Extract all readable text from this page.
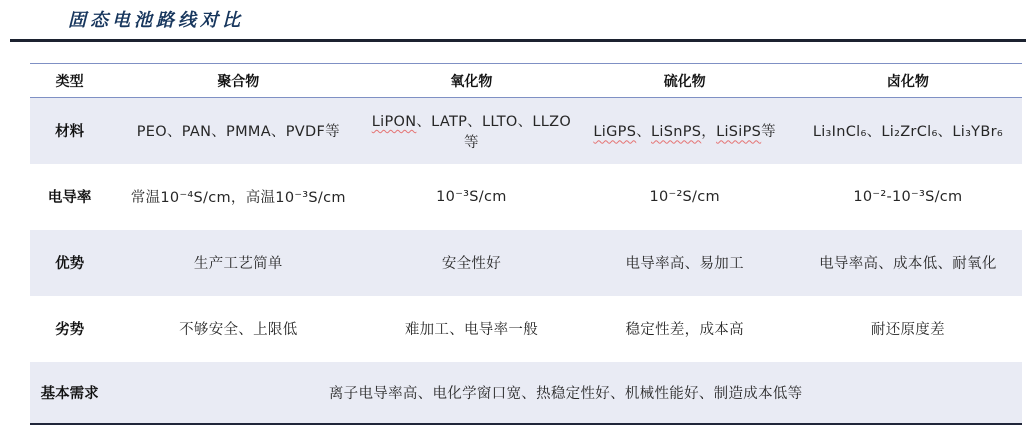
固态电池路线对比
类型	聚合物	氧化物	硫化物	卤化物
材料	PEO、PAN、PMMA、PVDF等	LiPON、LATP、LLTO、LLZO等	LiGPS、LiSnPS，LiSiPS等	Li₃InCl₆、Li₂ZrCl₆、Li₃YBr₆
电导率	常温10⁻⁴S/cm，高温10⁻³S/cm	10⁻³S/cm	10⁻²S/cm	10⁻²-10⁻³S/cm
优势	生产工艺简单	安全性好	电导率高、易加工	电导率高、成本低、耐氧化
劣势	不够安全、上限低	难加工、电导率一般	稳定性差，成本高	耐还原度差
基本需求	离子电导率高、电化学窗口宽、热稳定性好、机械性能好、制造成本低等			
